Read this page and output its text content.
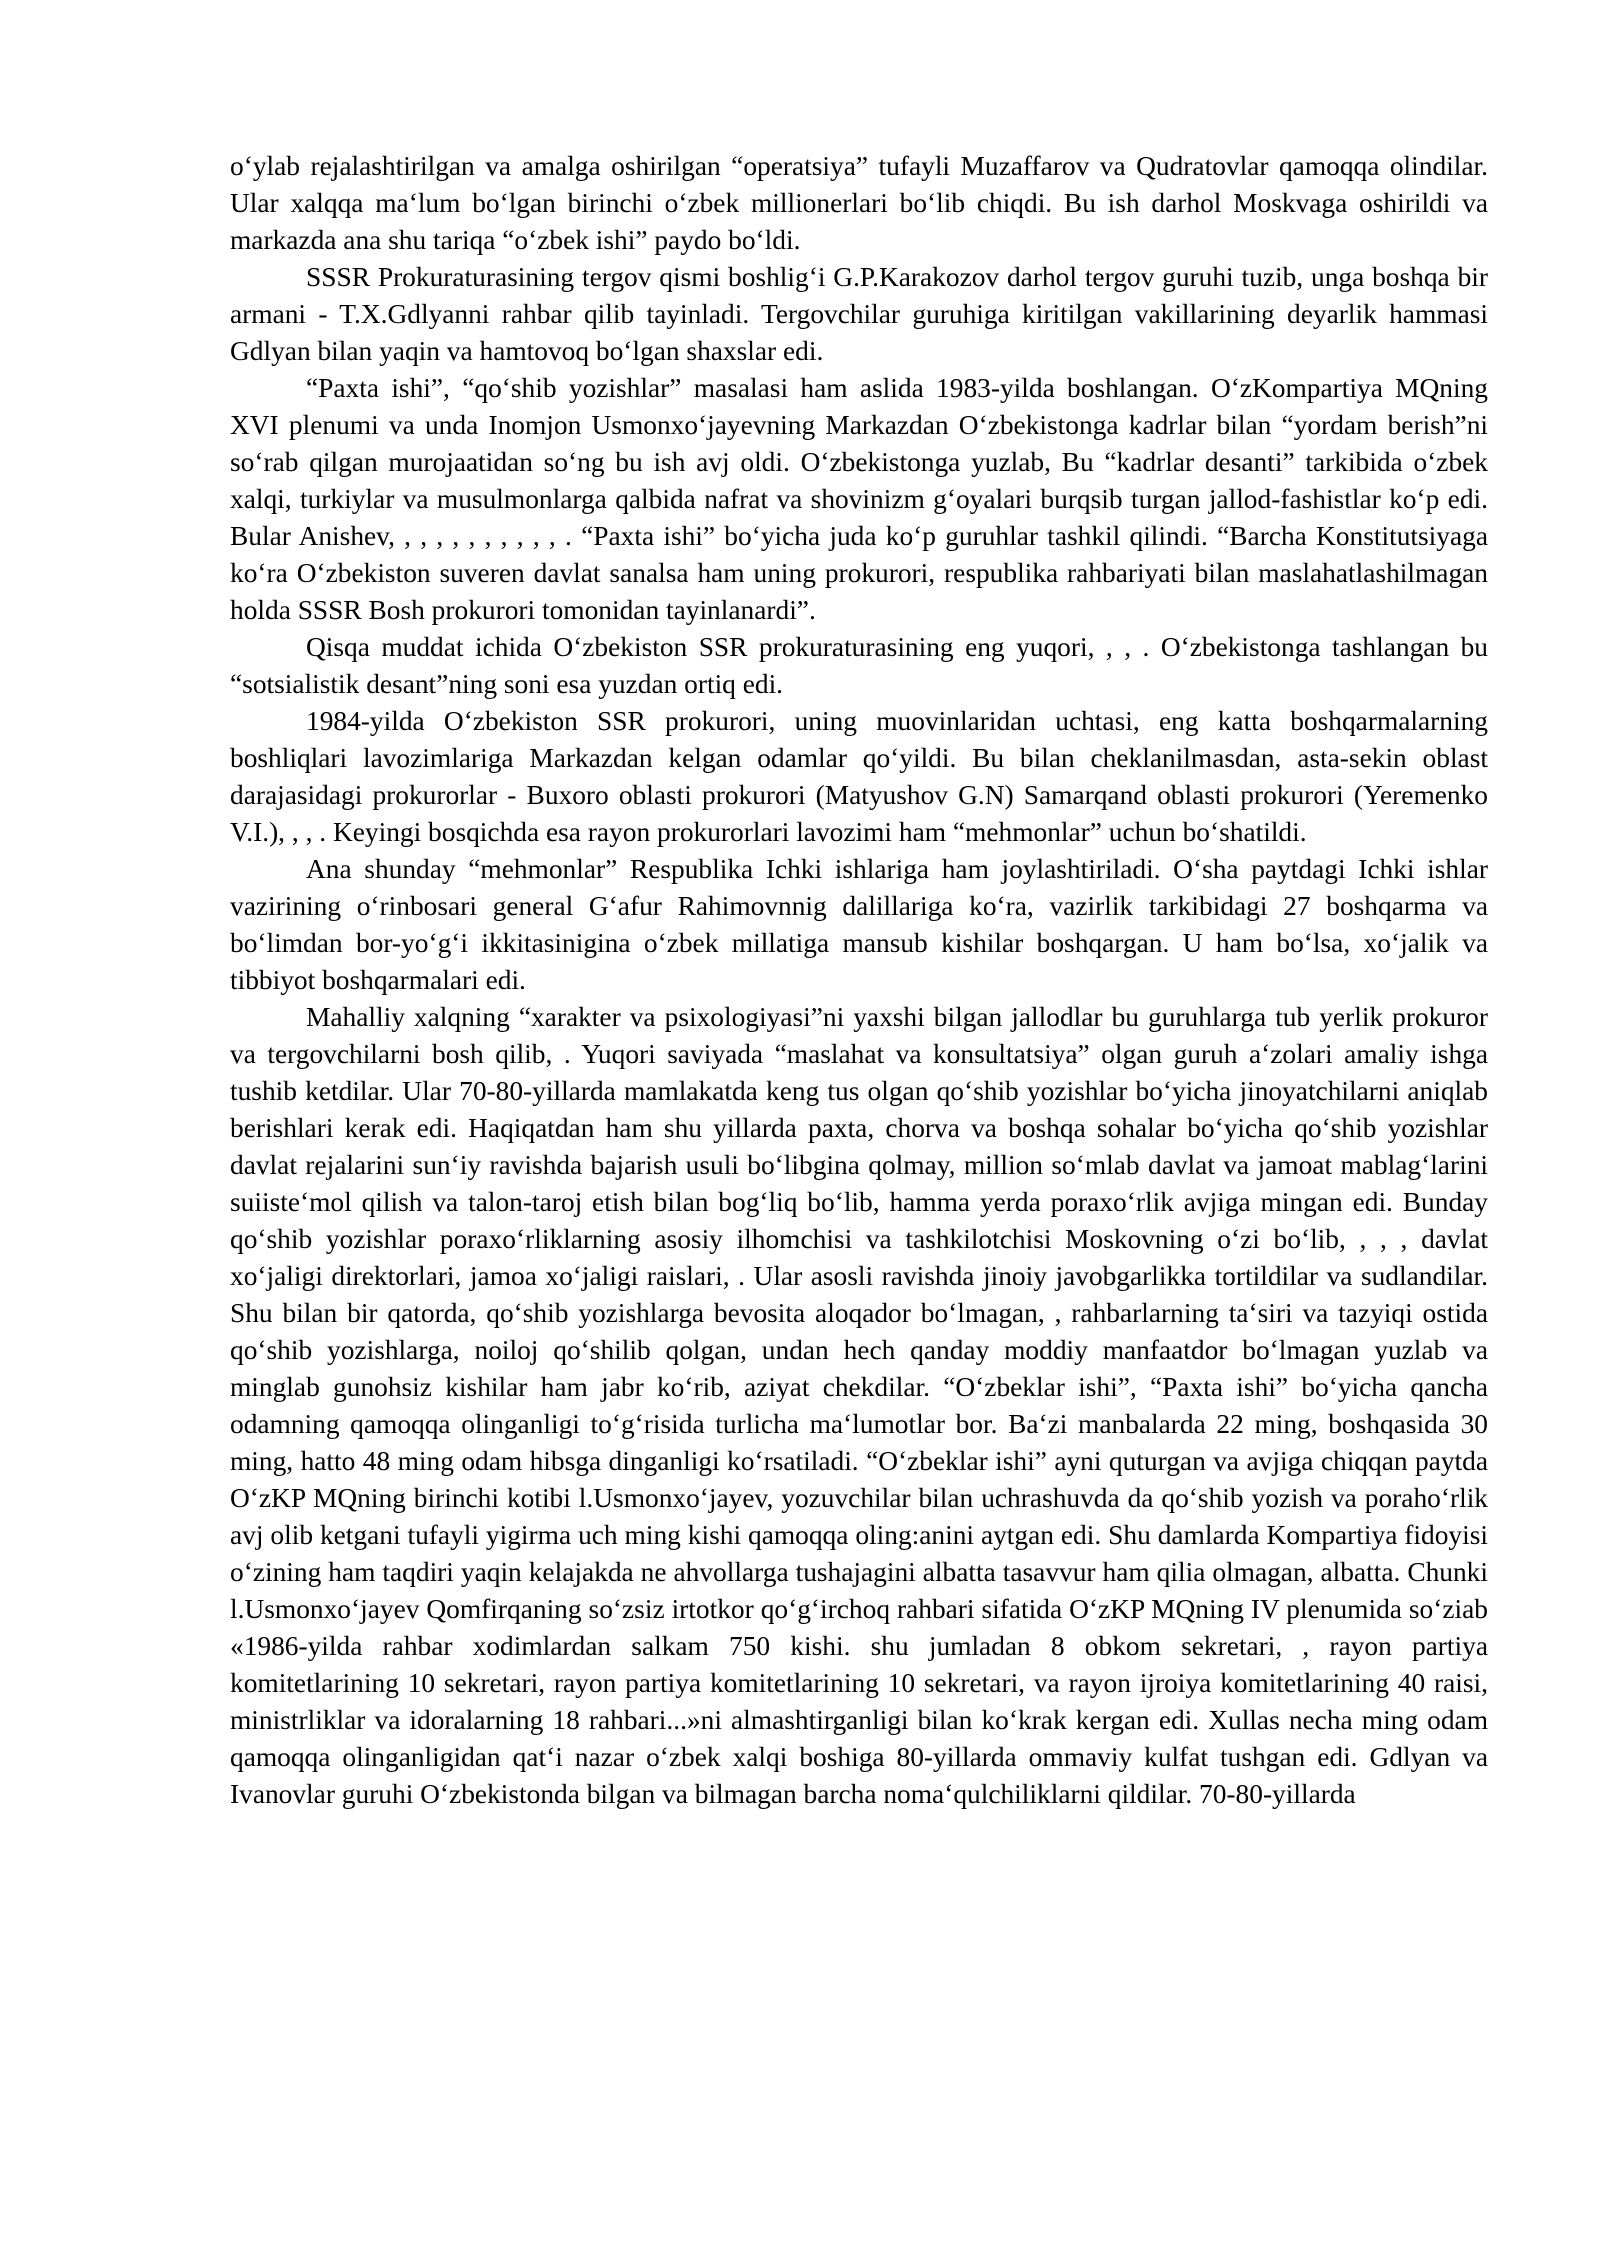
o‘ylab rejalashtirilgan va amalga oshirilgan “operatsiya” tufayli Muzaffarov va Qudratovlar qamoqqa olindilar. Ular xalqqa ma‘lum bo‘lgan birinchi o‘zbek millionerlari bo‘lib chiqdi. Bu ish darhol Moskvaga oshirildi va markazda ana shu tariqa “o‘zbek ishi” paydo bo‘ldi.

SSSR Prokuraturasining tergov qismi boshlig‘i G.P.Karakozov darhol tergov guruhi tuzib, unga boshqa bir armani - T.X.Gdlyanni rahbar qilib tayinladi. Tergovchilar guruhiga kiritilgan vakillarining deyarlik hammasi Gdlyan bilan yaqin va hamtovoq bo‘lgan shaxslar edi.

“Paxta ishi”, “qo‘shib yozishlar” masalasi ham aslida 1983-yilda boshlangan. O‘zKompartiya MQning XVI plenumi va unda Inomjon Usmonxo‘jayevning Markazdan O‘zbekistonga kadrlar bilan “yordam berish”ni so‘rab qilgan murojaatidan so‘ng bu ish avj oldi. O‘zbekistonga yuzlab, Bu “kadrlar desanti” tarkibida o‘zbek xalqi, turkiylar va musulmonlarga qalbida nafrat va shovinizm g‘oyalari burqsib turgan jallod-fashistlar ko‘p edi. Bular Anishev, , , , , , , , , , , . “Paxta ishi” bo‘yicha juda ko‘p guruhlar tashkil qilindi. “Barcha Konstitutsiyaga ko‘ra O‘zbekiston suveren davlat sanalsa ham uning prokurori, respublika rahbariyati bilan maslahatlashilmagan holda SSSR Bosh prokurori tomonidan tayinlanardi”.

Qisqa muddat ichida O‘zbekiston SSR prokuraturasining eng yuqori, , , . O‘zbekistonga tashlangan bu “sotsialistik desant”ning soni esa yuzdan ortiq edi.

1984-yilda O‘zbekiston SSR prokurori, uning muovinlaridan uchtasi, eng katta boshqarmalarning boshliqlari lavozimlariga Markazdan kelgan odamlar qo‘yildi. Bu bilan cheklanilmasdan, asta-sekin oblast darajasidagi prokurorlar - Buxoro oblasti prokurori (Matyushov G.N) Samarqand oblasti prokurori (Yeremenko V.I.), , , . Keyingi bosqichda esa rayon prokurorlari lavozimi ham “mehmonlar” uchun bo‘shatildi.

Ana shunday “mehmonlar” Respublika Ichki ishlariga ham joylashtiriladi. O‘sha paytdagi Ichki ishlar vazirining o‘rinbosari general G‘afur Rahimovnnig dalillariga ko‘ra, vazirlik tarkibidagi 27 boshqarma va bo‘limdan bor-yo‘g‘i ikkitasinigina o‘zbek millatiga mansub kishilar boshqargan. U ham bo‘lsa, xo‘jalik va tibbiyot boshqarmalari edi.

Mahalliy xalqning “xarakter va psixologiyasi”ni yaxshi bilgan jallodlar bu guruhlarga tub yerlik prokuror va tergovchilarni bosh qilib, . Yuqori saviyada “maslahat va konsultatsiya” olgan guruh a‘zolari amaliy ishga tushib ketdilar. Ular 70-80-yillarda mamlakatda keng tus olgan qo‘shib yozishlar bo‘yicha jinoyatchilarni aniqlab berishlari kerak edi. Haqiqatdan ham shu yillarda paxta, chorva va boshqa sohalar bo‘yicha qo‘shib yozishlar davlat rejalarini sun‘iy ravishda bajarish usuli bo‘libgina qolmay, million so‘mlab davlat va jamoat mablag‘larini suiiste‘mol qilish va talon-taroj etish bilan bog‘liq bo‘lib, hamma yerda poraxo‘rlik avjiga mingan edi. Bunday qo‘shib yozishlar poraxo‘rliklarning asosiy ilhomchisi va tashkilotchisi Moskovning o‘zi bo‘lib, , , , davlat xo‘jaligi direktorlari, jamoa xo‘jaligi raislari, . Ular asosli ravishda jinoiy javobgarlikka tortildilar va sudlandilar. Shu bilan bir qatorda, qo‘shib yozishlarga bevosita aloqador bo‘lmagan, , rahbarlarning ta‘siri va tazyiqi ostida qo‘shib yozishlarga, noiloj qo‘shilib qolgan, undan hech qanday moddiy manfaatdor bo‘lmagan yuzlab va minglab gunohsiz kishilar ham jabr ko‘rib, aziyat chekdilar. “O‘zbeklar ishi”, “Paxta ishi” bo‘yicha qancha odamning qamoqqa olinganligi to‘g‘risida turlicha ma‘lumotlar bor. Ba‘zi manbalarda 22 ming, boshqasida 30 ming, hatto 48 ming odam hibsga dinganligi ko‘rsatiladi. “O‘zbeklar ishi” ayni quturgan va avjiga chiqqan paytda O‘zKP MQning birinchi kotibi l.Usmonxo‘jayev, yozuvchilar bilan uchrashuvda da qo‘shib yozish va poraho‘rlik avj olib ketgani tufayli yigirma uch ming kishi qamoqqa oling:anini aytgan edi. Shu damlarda Kompartiya fidoyisi o‘zining ham taqdiri yaqin kelajakda ne ahvollarga tushajagini albatta tasavvur ham qilia olmagan, albatta. Chunki l.Usmonxo‘jayev Qomfirqaning so‘zsiz irtotkor qo‘g‘irchoq rahbari sifatida O‘zKP MQning IV plenumida so‘ziab «1986-yilda rahbar xodimlardan salkam 750 kishi. shu jumladan 8 obkom sekretari, , rayon partiya komitetlarining 10 sekretari, rayon partiya komitetlarining 10 sekretari, va rayon ijroiya komitetlarining 40 raisi, ministrliklar va idoralarning 18 rahbari...»ni almashtirganligi bilan ko‘krak kergan edi. Xullas necha ming odam qamoqqa olinganligidan qat‘i nazar o‘zbek xalqi boshiga 80-yillarda ommaviy kulfat tushgan edi. Gdlyan va Ivanovlar guruhi O‘zbekistonda bilgan va bilmagan barcha noma‘qulchiliklarni qildilar. 70-80-yillarda
